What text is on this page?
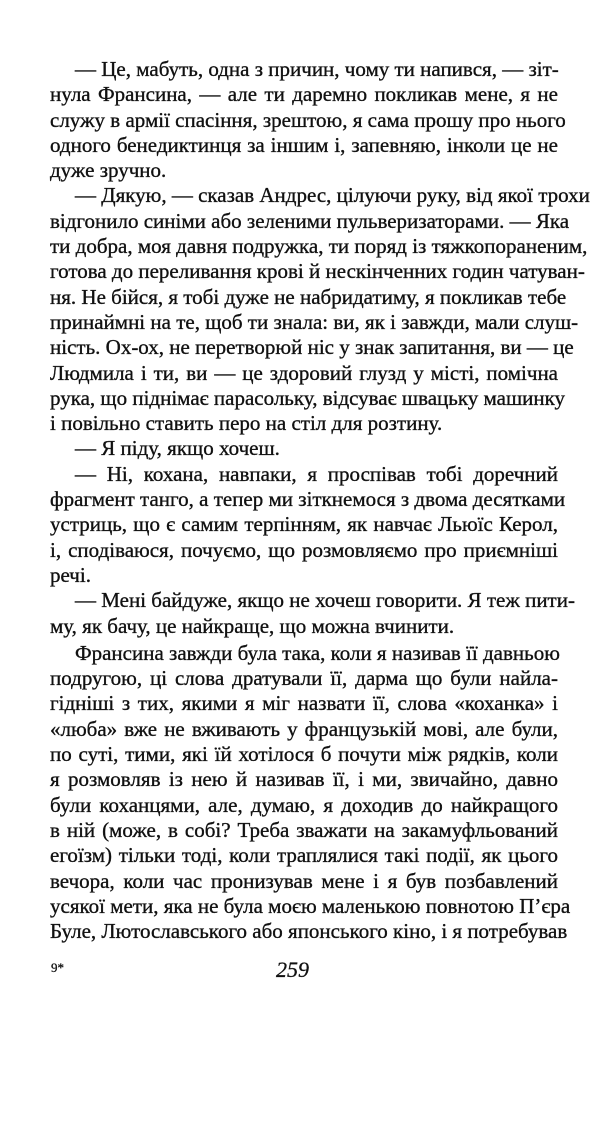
— Це, мабуть, одна з причин, чому ти напився, — зіт-
нула Франсина, — але ти даремно покликав мене, я не
служу в армії спасіння, зрештою, я сама прошу про нього
одного бенедиктинця за іншим і, запевняю, інколи це не
дуже зручно.
— Дякую, — сказав Андрес, цілуючи руку, від якої трохи
відгонило синіми або зеленими пульверизаторами. — Яка
ти добра, моя давня подружка, ти поряд із тяжкопораненим,
готова до переливання крові й нескінченних годин чатуван-
ня. Не бійся, я тобі дуже не набридатиму, я покликав тебе
принаймні на те, щоб ти знала: ви, як і завжди, мали слуш-
ність. Ох-ох, не перетворюй ніс у знак запитання, ви — це
Людмила і ти, ви — це здоровий глузд у місті, помічна
рука, що піднімає парасольку, відсуває швацьку машинку
і повільно ставить перо на стіл для розтину.
— Я піду, якщо хочеш.
— Ні, кохана, навпаки, я проспівав тобі доречний
фрагмент танго, а тепер ми зіткнемося з двома десятками
устриць, що є самим терпінням, як навчає Льюїс Керол,
і, сподіваюся, почуємо, що розмовляємо про приємніші
речі.
— Мені байдуже, якщо не хочеш говорити. Я теж пити-
му, як бачу, це найкраще, що можна вчинити.
Франсина завжди була така, коли я називав її давньою
подругою, ці слова дратували її, дарма що були найла-
гідніші з тих, якими я міг назвати її, слова «коханка» і
«люба» вже не вживають у французькій мові, але були,
по суті, тими, які їй хотілося б почути між рядків, коли
я розмовляв із нею й називав її, і ми, звичайно, давно
були коханцями, але, думаю, я доходив до найкращого
в ній (може, в собі? Треба зважати на закамуфльований
егоїзм) тільки тоді, коли траплялися такі події, як цього
вечора, коли час пронизував мене і я був позбавлений
усякої мети, яка не була моєю маленькою повнотою П’єра
Буле, Лютославського або японського кіно, і я потребував
9*	259
